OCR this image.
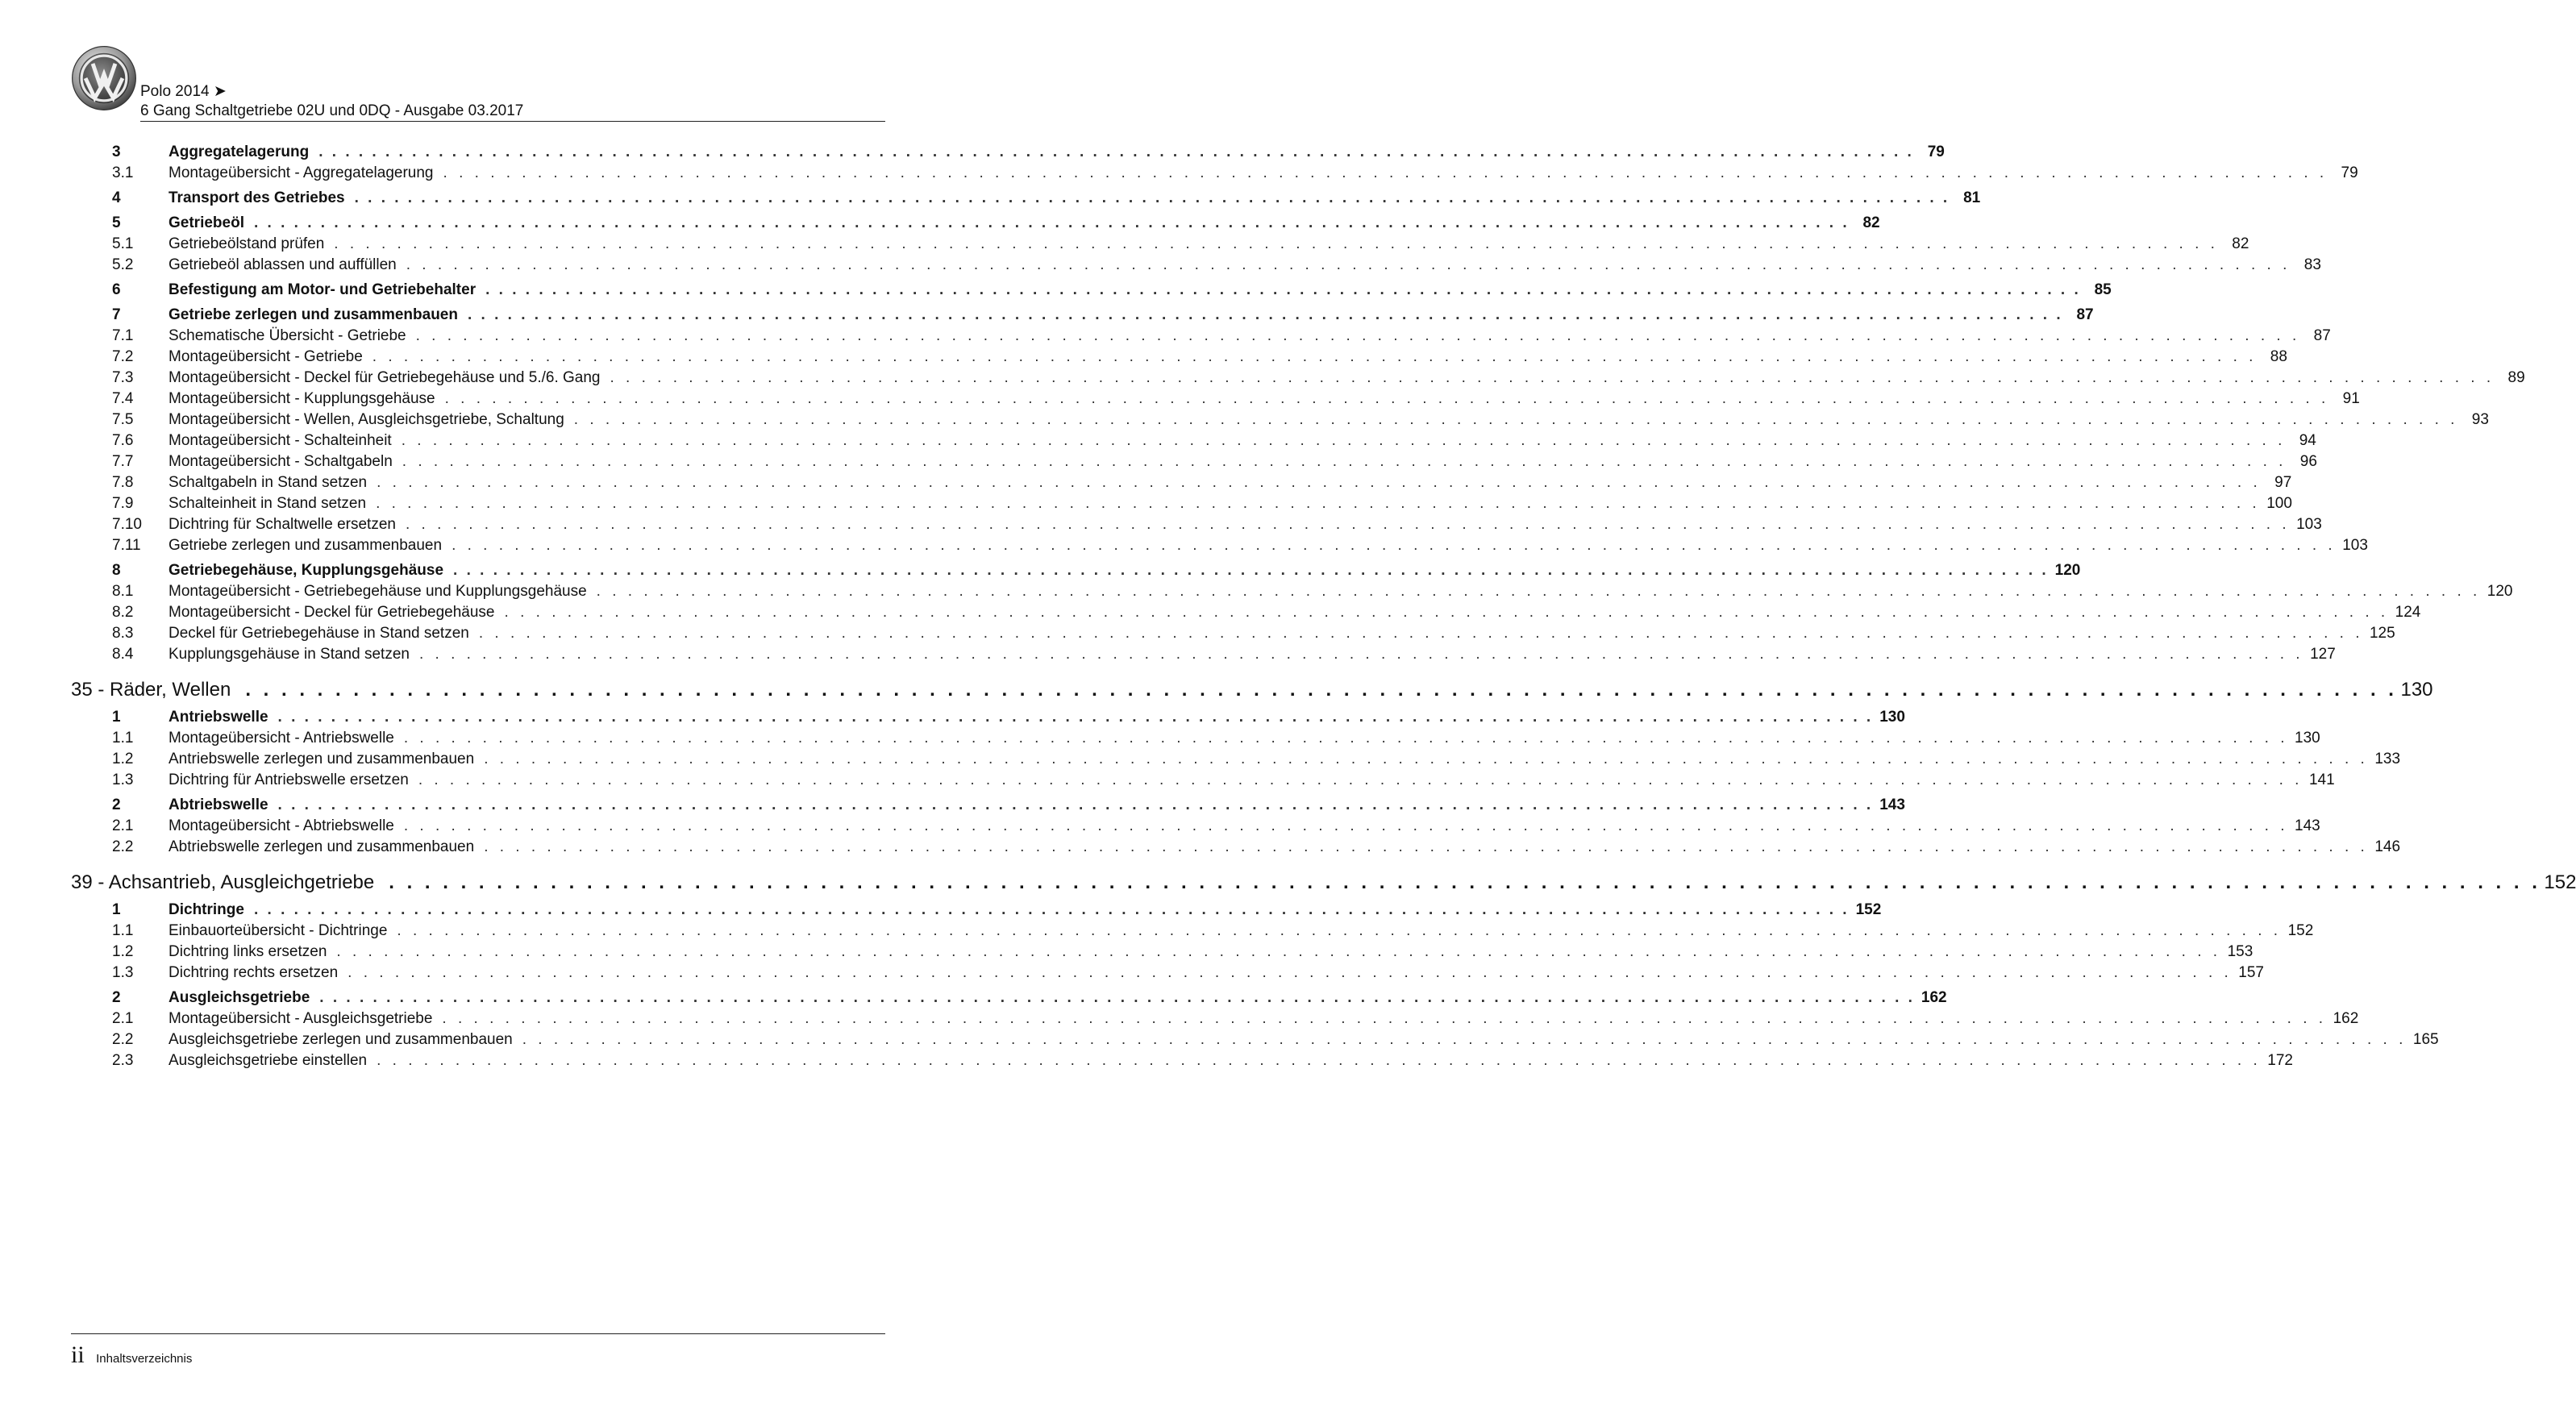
Polo 2014 ➤
6 Gang Schaltgetriebe 02U und 0DQ - Ausgabe 03.2017
3	Aggregatelagerung . . . . . . . . . . . . . . . . . . . . . . . . . . . . . . . . . . . . . . . . . . . . . . . . . . . . . . . . . . . . . . . . . . . . . . . . . . . . . . . . . . . . . . . . . . . . . . . . . . . . . . . . . . . . . . . . . . . . . . . . 79
3.1	Montageübersicht - Aggregatelagerung . . . . . . . . . . . . . . . . . . . . . . . . . . . . . . . . . . . . . . . . . . . . . . . . . . . . . . . . . . . . . . . . . . . . . . . . . . . . . . . . . . . . . . . . . . . . . . . . . . . . . . . . . . . . . . . . . . . . . . . . 79
4	Transport des Getriebes . . . . . . . . . . . . . . . . . . . . . . . . . . . . . . . . . . . . . . . . . . . . . . . . . . . . . . . . . . . . . . . . . . . . . . . . . . . . . . . . . . . . . . . . . . . . . . . . . . . . . . . . . . . . . . . . . . . . . . . . 81
5	Getriebeöl . . . . . . . . . . . . . . . . . . . . . . . . . . . . . . . . . . . . . . . . . . . . . . . . . . . . . . . . . . . . . . . . . . . . . . . . . . . . . . . . . . . . . . . . . . . . . . . . . . . . . . . . . . . . . . . . . . . . . . . . 82
5.1	Getriebeölstand prüfen . . . . . . . . . . . . . . . . . . . . . . . . . . . . . . . . . . . . . . . . . . . . . . . . . . . . . . . . . . . . . . . . . . . . . . . . . . . . . . . . . . . . . . . . . . . . . . . . . . . . . . . . . . . . . . . . . . . . . . . . 82
5.2	Getriebeöl ablassen und auffüllen . . . . . . . . . . . . . . . . . . . . . . . . . . . . . . . . . . . . . . . . . . . . . . . . . . . . . . . . . . . . . . . . . . . . . . . . . . . . . . . . . . . . . . . . . . . . . . . . . . . . . . . . . . . . . . . . . . . . . . . . 83
6	Befestigung am Motor- und Getriebehalter . . . . . . . . . . . . . . . . . . . . . . . . . . . . . . . . . . . . . . . . . . . . . . . . . . . . . . . . . . . . . . . . . . . . . . . . . . . . . . . . . . . . . . . . . . . . . . . . . . . . . . . . . . . . . . . . . . . . . . . . 85
7	Getriebe zerlegen und zusammenbauen . . . . . . . . . . . . . . . . . . . . . . . . . . . . . . . . . . . . . . . . . . . . . . . . . . . . . . . . . . . . . . . . . . . . . . . . . . . . . . . . . . . . . . . . . . . . . . . . . . . . . . . . . . . . . . . . . . . . . . . . 87
7.1	Schematische Übersicht - Getriebe . . . . . . . . . . . . . . . . . . . . . . . . . . . . . . . . . . . . . . . . . . . . . . . . . . . . . . . . . . . . . . . . . . . . . . . . . . . . . . . . . . . . . . . . . . . . . . . . . . . . . . . . . . . . . . . . . . . . . . . . 87
7.2	Montageübersicht - Getriebe . . . . . . . . . . . . . . . . . . . . . . . . . . . . . . . . . . . . . . . . . . . . . . . . . . . . . . . . . . . . . . . . . . . . . . . . . . . . . . . . . . . . . . . . . . . . . . . . . . . . . . . . . . . . . . . . . . . . . . . . 88
7.3	Montageübersicht - Deckel für Getriebegehäuse und 5./6. Gang . . . . . . . . . . . . . . . . . . . . . . . . . . . . . . . . . . . . . . . . . . . . . . . . . . . . . . . . . . . . . . . . . . . . . . . . . . . . . . . . . . . . . . . . . . . . . . . . . . . . . . . . . . . . . . . . . . . . . . . . 89
7.4	Montageübersicht - Kupplungsgehäuse . . . . . . . . . . . . . . . . . . . . . . . . . . . . . . . . . . . . . . . . . . . . . . . . . . . . . . . . . . . . . . . . . . . . . . . . . . . . . . . . . . . . . . . . . . . . . . . . . . . . . . . . . . . . . . . . . . . . . . . . 91
7.5	Montageübersicht - Wellen, Ausgleichsgetriebe, Schaltung . . . . . . . . . . . . . . . . . . . . . . . . . . . . . . . . . . . . . . . . . . . . . . . . . . . . . . . . . . . . . . . . . . . . . . . . . . . . . . . . . . . . . . . . . . . . . . . . . . . . . . . . . . . . . . . . . . . . . . . . 93
7.6	Montageübersicht - Schalteinheit . . . . . . . . . . . . . . . . . . . . . . . . . . . . . . . . . . . . . . . . . . . . . . . . . . . . . . . . . . . . . . . . . . . . . . . . . . . . . . . . . . . . . . . . . . . . . . . . . . . . . . . . . . . . . . . . . . . . . . . . 94
7.7	Montageübersicht - Schaltgabeln . . . . . . . . . . . . . . . . . . . . . . . . . . . . . . . . . . . . . . . . . . . . . . . . . . . . . . . . . . . . . . . . . . . . . . . . . . . . . . . . . . . . . . . . . . . . . . . . . . . . . . . . . . . . . . . . . . . . . . . . 96
7.8	Schaltgabeln in Stand setzen . . . . . . . . . . . . . . . . . . . . . . . . . . . . . . . . . . . . . . . . . . . . . . . . . . . . . . . . . . . . . . . . . . . . . . . . . . . . . . . . . . . . . . . . . . . . . . . . . . . . . . . . . . . . . . . . . . . . . . . . 97
7.9	Schalteinheit in Stand setzen . . . . . . . . . . . . . . . . . . . . . . . . . . . . . . . . . . . . . . . . . . . . . . . . . . . . . . . . . . . . . . . . . . . . . . . . . . . . . . . . . . . . . . . . . . . . . . . . . . . . . . . . . . . . . . . . . . . . . . . . 100
7.10	Dichtring für Schaltwelle ersetzen . . . . . . . . . . . . . . . . . . . . . . . . . . . . . . . . . . . . . . . . . . . . . . . . . . . . . . . . . . . . . . . . . . . . . . . . . . . . . . . . . . . . . . . . . . . . . . . . . . . . . . . . . . . . . . . . . . . . . . . . 103
7.11	Getriebe zerlegen und zusammenbauen . . . . . . . . . . . . . . . . . . . . . . . . . . . . . . . . . . . . . . . . . . . . . . . . . . . . . . . . . . . . . . . . . . . . . . . . . . . . . . . . . . . . . . . . . . . . . . . . . . . . . . . . . . . . . . . . . . . . . . . . 103
8	Getriebegehäuse, Kupplungsgehäuse . . . . . . . . . . . . . . . . . . . . . . . . . . . . . . . . . . . . . . . . . . . . . . . . . . . . . . . . . . . . . . . . . . . . . . . . . . . . . . . . . . . . . . . . . . . . . . . . . . . . . . . . . . . . . . . . . . . . . . . . 120
8.1	Montageübersicht - Getriebegehäuse und Kupplungsgehäuse . . . . . . . . . . . . . . . . . . . . . . . . . . . . . . . . . . . . . . . . . . . . . . . . . . . . . . . . . . . . . . . . . . . . . . . . . . . . . . . . . . . . . . . . . . . . . . . . . . . . . . . . . . . . . . . . . . . . . . . . 120
8.2	Montageübersicht - Deckel für Getriebegehäuse . . . . . . . . . . . . . . . . . . . . . . . . . . . . . . . . . . . . . . . . . . . . . . . . . . . . . . . . . . . . . . . . . . . . . . . . . . . . . . . . . . . . . . . . . . . . . . . . . . . . . . . . . . . . . . . . . . . . . . . . 124
8.3	Deckel für Getriebegehäuse in Stand setzen . . . . . . . . . . . . . . . . . . . . . . . . . . . . . . . . . . . . . . . . . . . . . . . . . . . . . . . . . . . . . . . . . . . . . . . . . . . . . . . . . . . . . . . . . . . . . . . . . . . . . . . . . . . . . . . . . . . . . . . . 125
8.4	Kupplungsgehäuse in Stand setzen . . . . . . . . . . . . . . . . . . . . . . . . . . . . . . . . . . . . . . . . . . . . . . . . . . . . . . . . . . . . . . . . . . . . . . . . . . . . . . . . . . . . . . . . . . . . . . . . . . . . . . . . . . . . . . . . . . . . . . . . 127
35 - Räder, Wellen . . . . . . . . . . . . . . . . . . . . . . . . . . . . . . . . . . . . . . . . . . . . . . . . . . . . . . . . . . . . . . . . . . . . . . . . . . . . . . . . . . . . . . . . . . . . . . . . . . . . . . . . . . . . . . . . . . . . . . . . 130
1	Antriebswelle . . . . . . . . . . . . . . . . . . . . . . . . . . . . . . . . . . . . . . . . . . . . . . . . . . . . . . . . . . . . . . . . . . . . . . . . . . . . . . . . . . . . . . . . . . . . . . . . . . . . . . . . . . . . . . . . . . . . . . . . 130
1.1	Montageübersicht - Antriebswelle . . . . . . . . . . . . . . . . . . . . . . . . . . . . . . . . . . . . . . . . . . . . . . . . . . . . . . . . . . . . . . . . . . . . . . . . . . . . . . . . . . . . . . . . . . . . . . . . . . . . . . . . . . . . . . . . . . . . . . . . 130
1.2	Antriebswelle zerlegen und zusammenbauen . . . . . . . . . . . . . . . . . . . . . . . . . . . . . . . . . . . . . . . . . . . . . . . . . . . . . . . . . . . . . . . . . . . . . . . . . . . . . . . . . . . . . . . . . . . . . . . . . . . . . . . . . . . . . . . . . . . . . . . . 133
1.3	Dichtring für Antriebswelle ersetzen . . . . . . . . . . . . . . . . . . . . . . . . . . . . . . . . . . . . . . . . . . . . . . . . . . . . . . . . . . . . . . . . . . . . . . . . . . . . . . . . . . . . . . . . . . . . . . . . . . . . . . . . . . . . . . . . . . . . . . . . 141
2	Abtriebswelle . . . . . . . . . . . . . . . . . . . . . . . . . . . . . . . . . . . . . . . . . . . . . . . . . . . . . . . . . . . . . . . . . . . . . . . . . . . . . . . . . . . . . . . . . . . . . . . . . . . . . . . . . . . . . . . . . . . . . . . . 143
2.1	Montageübersicht - Abtriebswelle . . . . . . . . . . . . . . . . . . . . . . . . . . . . . . . . . . . . . . . . . . . . . . . . . . . . . . . . . . . . . . . . . . . . . . . . . . . . . . . . . . . . . . . . . . . . . . . . . . . . . . . . . . . . . . . . . . . . . . . . 143
2.2	Abtriebswelle zerlegen und zusammenbauen . . . . . . . . . . . . . . . . . . . . . . . . . . . . . . . . . . . . . . . . . . . . . . . . . . . . . . . . . . . . . . . . . . . . . . . . . . . . . . . . . . . . . . . . . . . . . . . . . . . . . . . . . . . . . . . . . . . . . . . . 146
39 - Achsantrieb, Ausgleichgetriebe . . . . . . . . . . . . . . . . . . . . . . . . . . . . . . . . . . . . . . . . . . . . . . . . . . . . . . . . . . . . . . . . . . . . . . . . . . . . . . . . . . . . . . . . . . . . . . . . . . . . . . . . . . . . . . . . . . . . . . . . 152
1	Dichtringe . . . . . . . . . . . . . . . . . . . . . . . . . . . . . . . . . . . . . . . . . . . . . . . . . . . . . . . . . . . . . . . . . . . . . . . . . . . . . . . . . . . . . . . . . . . . . . . . . . . . . . . . . . . . . . . . . . . . . . . . 152
1.1	Einbauorteübersicht - Dichtringe . . . . . . . . . . . . . . . . . . . . . . . . . . . . . . . . . . . . . . . . . . . . . . . . . . . . . . . . . . . . . . . . . . . . . . . . . . . . . . . . . . . . . . . . . . . . . . . . . . . . . . . . . . . . . . . . . . . . . . . . 152
1.2	Dichtring links ersetzen . . . . . . . . . . . . . . . . . . . . . . . . . . . . . . . . . . . . . . . . . . . . . . . . . . . . . . . . . . . . . . . . . . . . . . . . . . . . . . . . . . . . . . . . . . . . . . . . . . . . . . . . . . . . . . . . . . . . . . . . 153
1.3	Dichtring rechts ersetzen . . . . . . . . . . . . . . . . . . . . . . . . . . . . . . . . . . . . . . . . . . . . . . . . . . . . . . . . . . . . . . . . . . . . . . . . . . . . . . . . . . . . . . . . . . . . . . . . . . . . . . . . . . . . . . . . . . . . . . . . 157
2	Ausgleichsgetriebe . . . . . . . . . . . . . . . . . . . . . . . . . . . . . . . . . . . . . . . . . . . . . . . . . . . . . . . . . . . . . . . . . . . . . . . . . . . . . . . . . . . . . . . . . . . . . . . . . . . . . . . . . . . . . . . . . . . . . . . . 162
2.1	Montageübersicht - Ausgleichsgetriebe . . . . . . . . . . . . . . . . . . . . . . . . . . . . . . . . . . . . . . . . . . . . . . . . . . . . . . . . . . . . . . . . . . . . . . . . . . . . . . . . . . . . . . . . . . . . . . . . . . . . . . . . . . . . . . . . . . . . . . . . 162
2.2	Ausgleichsgetriebe zerlegen und zusammenbauen . . . . . . . . . . . . . . . . . . . . . . . . . . . . . . . . . . . . . . . . . . . . . . . . . . . . . . . . . . . . . . . . . . . . . . . . . . . . . . . . . . . . . . . . . . . . . . . . . . . . . . . . . . . . . . . . . . . . . . . . 165
2.3	Ausgleichsgetriebe einstellen . . . . . . . . . . . . . . . . . . . . . . . . . . . . . . . . . . . . . . . . . . . . . . . . . . . . . . . . . . . . . . . . . . . . . . . . . . . . . . . . . . . . . . . . . . . . . . . . . . . . . . . . . . . . . . . . . . . . . . . . 172
ii Inhaltsverzeichnis
